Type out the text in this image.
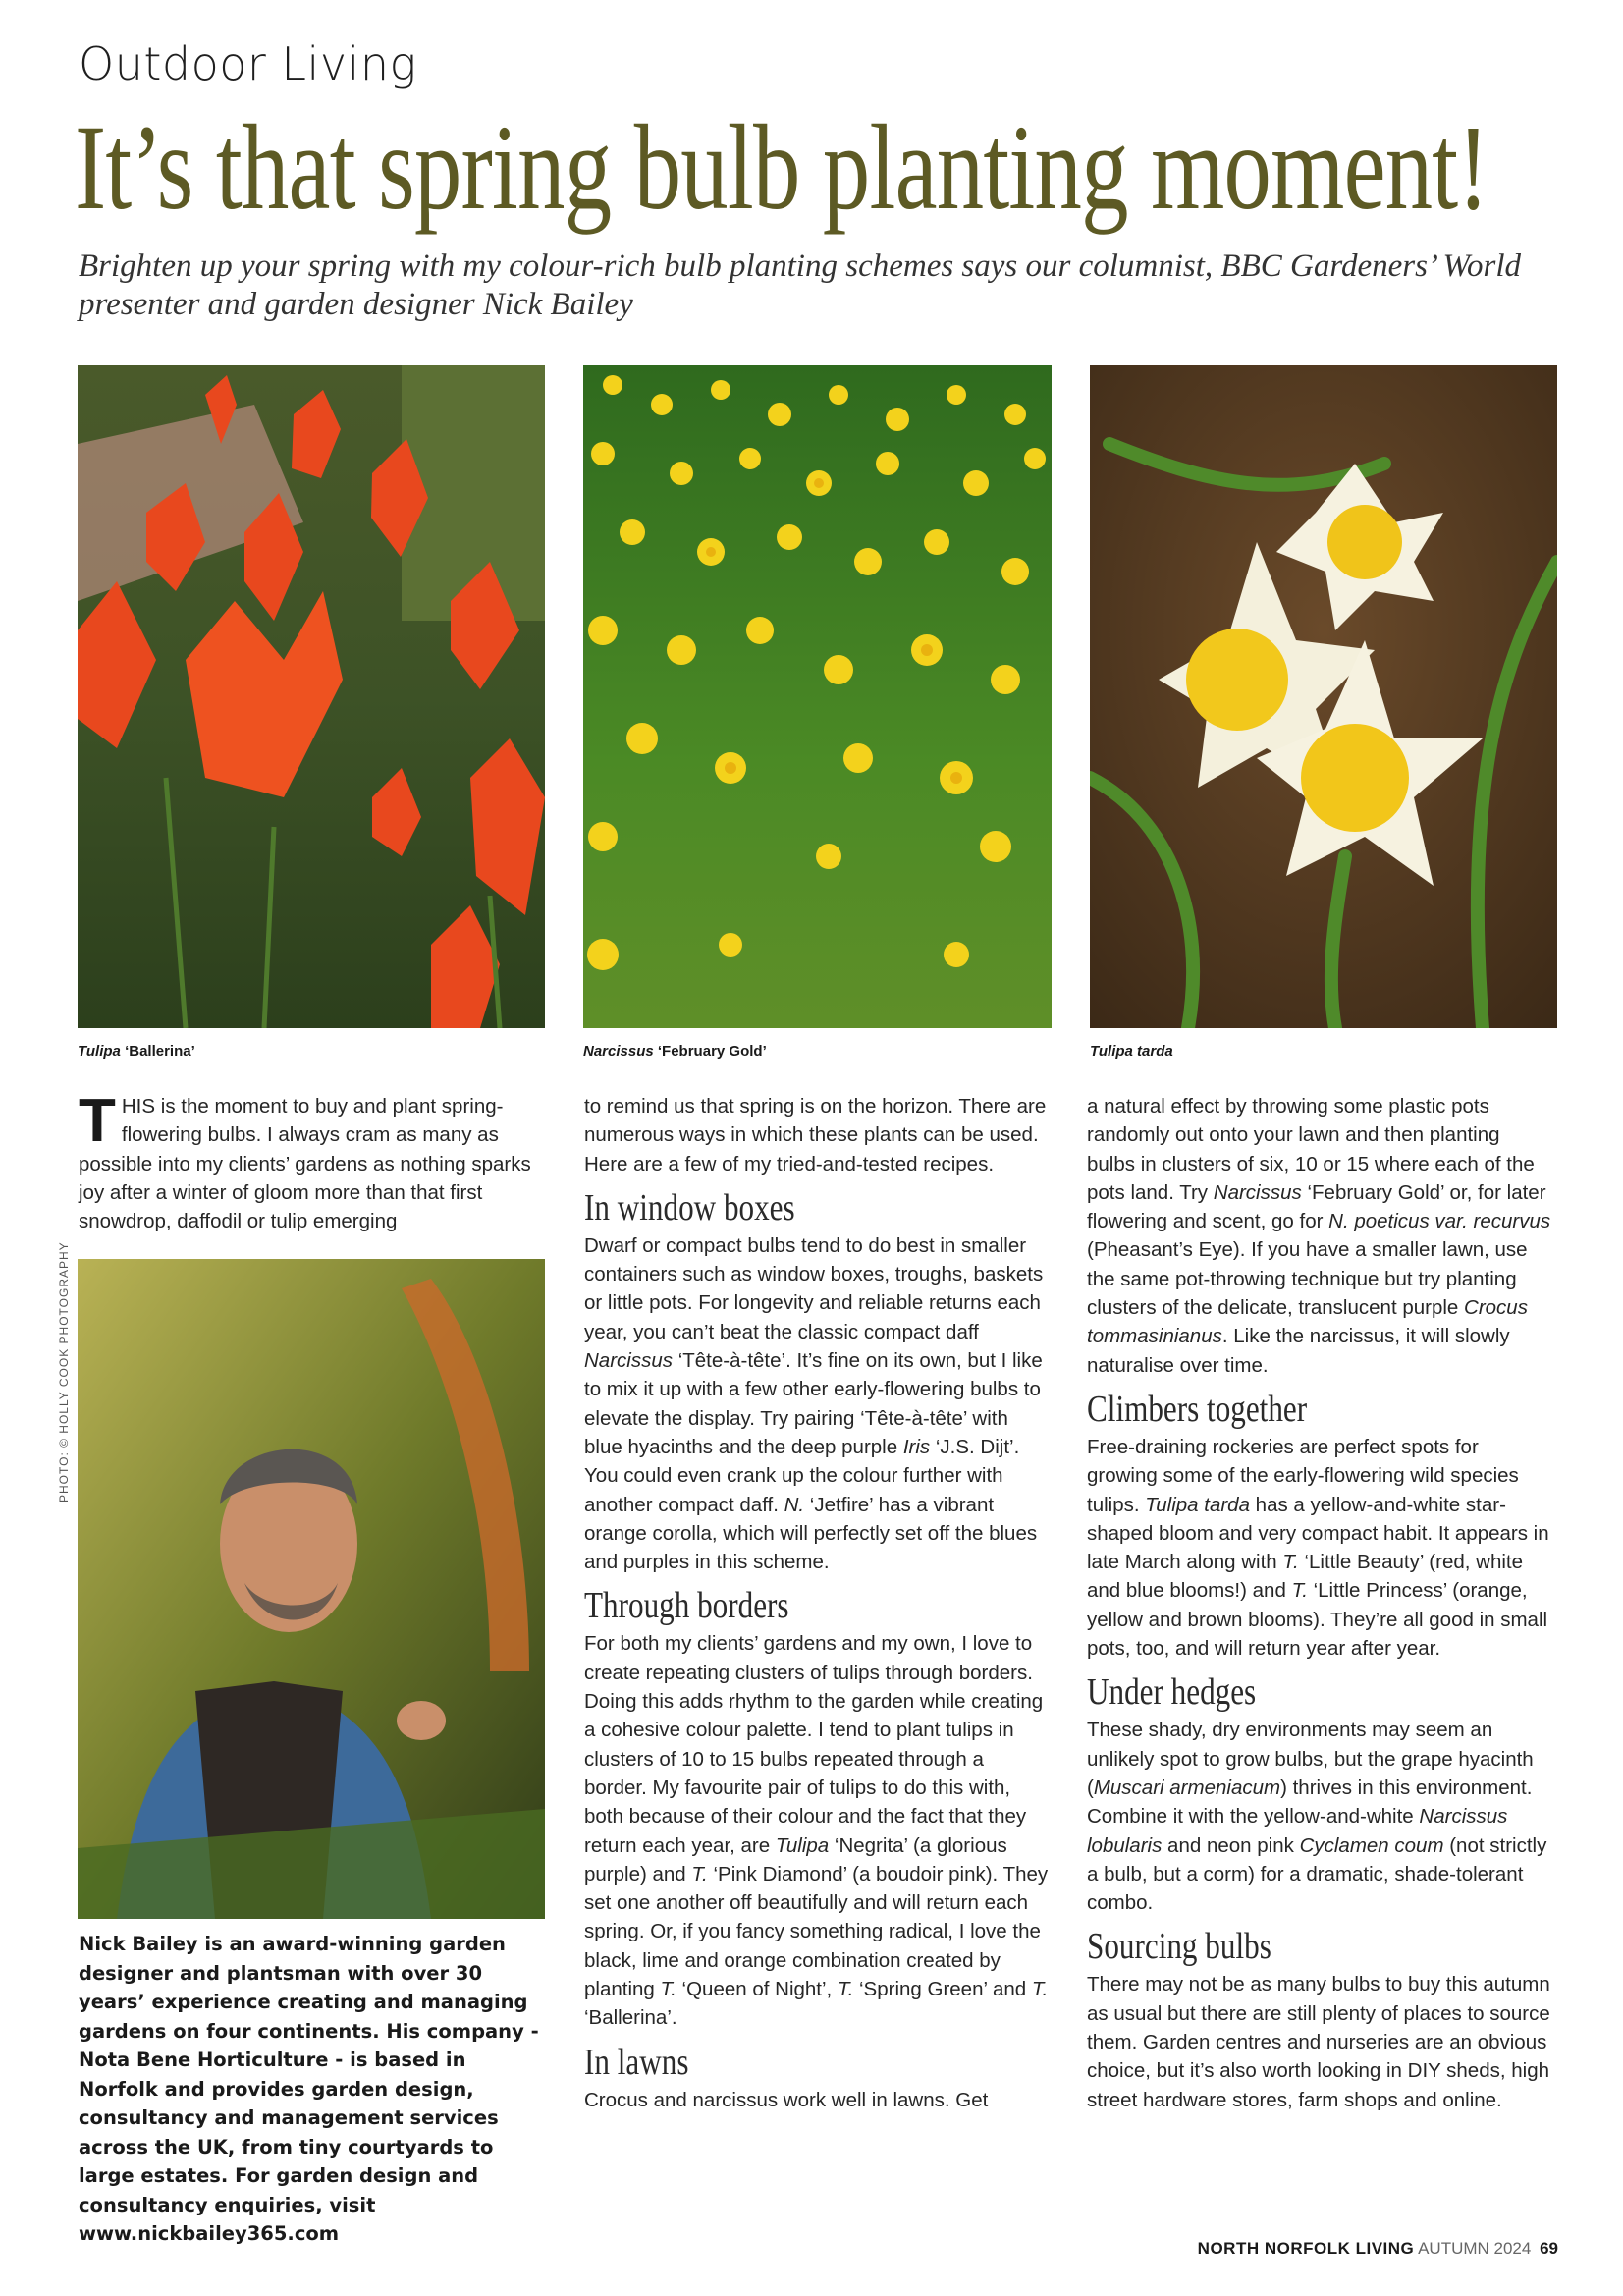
Outdoor Living
It’s that spring bulb planting moment!
Brighten up your spring with my colour-rich bulb planting schemes says our columnist, BBC Gardeners’ World presenter and garden designer Nick Bailey
Tulipa ‘Ballerina’	Narcissus ‘February Gold’	Tulipa tarda
PHOTO: © HOLLY COOK PHOTOGRAPHY

THIS is the moment to buy and plant spring-flowering bulbs. I always cram as many as possible into my clients’ gardens as nothing sparks joy after a winter of gloom more than that first snowdrop, daffodil or tulip emerging

Nick Bailey is an award-winning garden designer and plantsman with over 30 years’ experience creating and managing gardens on four continents. His company - Nota Bene Horticulture - is based in Norfolk and provides garden design, consultancy and management services across the UK, from tiny courtyards to large estates. For garden design and consultancy enquiries, visit www.nickbailey365.com

to remind us that spring is on the horizon. There are numerous ways in which these plants can be used. Here are a few of my tried-and-tested recipes.

In window boxes

Dwarf or compact bulbs tend to do best in smaller containers such as window boxes, troughs, baskets or little pots. For longevity and reliable returns each year, you can’t beat the classic compact daff Narcissus ‘Tête-à-tête’. It’s fine on its own, but I like to mix it up with a few other early-flowering bulbs to elevate the display. Try pairing ‘Tête-à-tête’ with blue hyacinths and the deep purple Iris ‘J.S. Dijt’. You could even crank up the colour further with another compact daff. N. ‘Jetfire’ has a vibrant orange corolla, which will perfectly set off the blues and purples in this scheme.

Through borders

For both my clients’ gardens and my own, I love to create repeating clusters of tulips through borders. Doing this adds rhythm to the garden while creating a cohesive colour palette. I tend to plant tulips in clusters of 10 to 15 bulbs repeated through a border. My favourite pair of tulips to do this with, both because of their colour and the fact that they return each year, are Tulipa ‘Negrita’ (a glorious purple) and T. ‘Pink Diamond’ (a boudoir pink). They set one another off beautifully and will return each spring. Or, if you fancy something radical, I love the black, lime and orange combination created by planting T. ‘Queen of Night’, T. ‘Spring Green’ and T. ‘Ballerina’.

In lawns

Crocus and narcissus work well in lawns. Get

a natural effect by throwing some plastic pots randomly out onto your lawn and then planting bulbs in clusters of six, 10 or 15 where each of the pots land. Try Narcissus ‘February Gold’ or, for later flowering and scent, go for N. poeticus var. recurvus (Pheasant’s Eye). If you have a smaller lawn, use the same pot-throwing technique but try planting clusters of the delicate, translucent purple Crocus tommasinianus. Like the narcissus, it will slowly naturalise over time.

Climbers together

Free-draining rockeries are perfect spots for growing some of the early-flowering wild species tulips. Tulipa tarda has a yellow-and-white star-shaped bloom and very compact habit. It appears in late March along with T. ‘Little Beauty’ (red, white and blue blooms!) and T. ‘Little Princess’ (orange, yellow and brown blooms). They’re all good in small pots, too, and will return year after year.

Under hedges

These shady, dry environments may seem an unlikely spot to grow bulbs, but the grape hyacinth (Muscari armeniacum) thrives in this environment. Combine it with the yellow-and-white Narcissus lobularis and neon pink Cyclamen coum (not strictly a bulb, but a corm) for a dramatic, shade-tolerant combo.

Sourcing bulbs

There may not be as many bulbs to buy this autumn as usual but there are still plenty of places to source them. Garden centres and nurseries are an obvious choice, but it’s also worth looking in DIY sheds, high street hardware stores, farm shops and online.

NORTH NORFOLK LIVING AUTUMN 2024 69
